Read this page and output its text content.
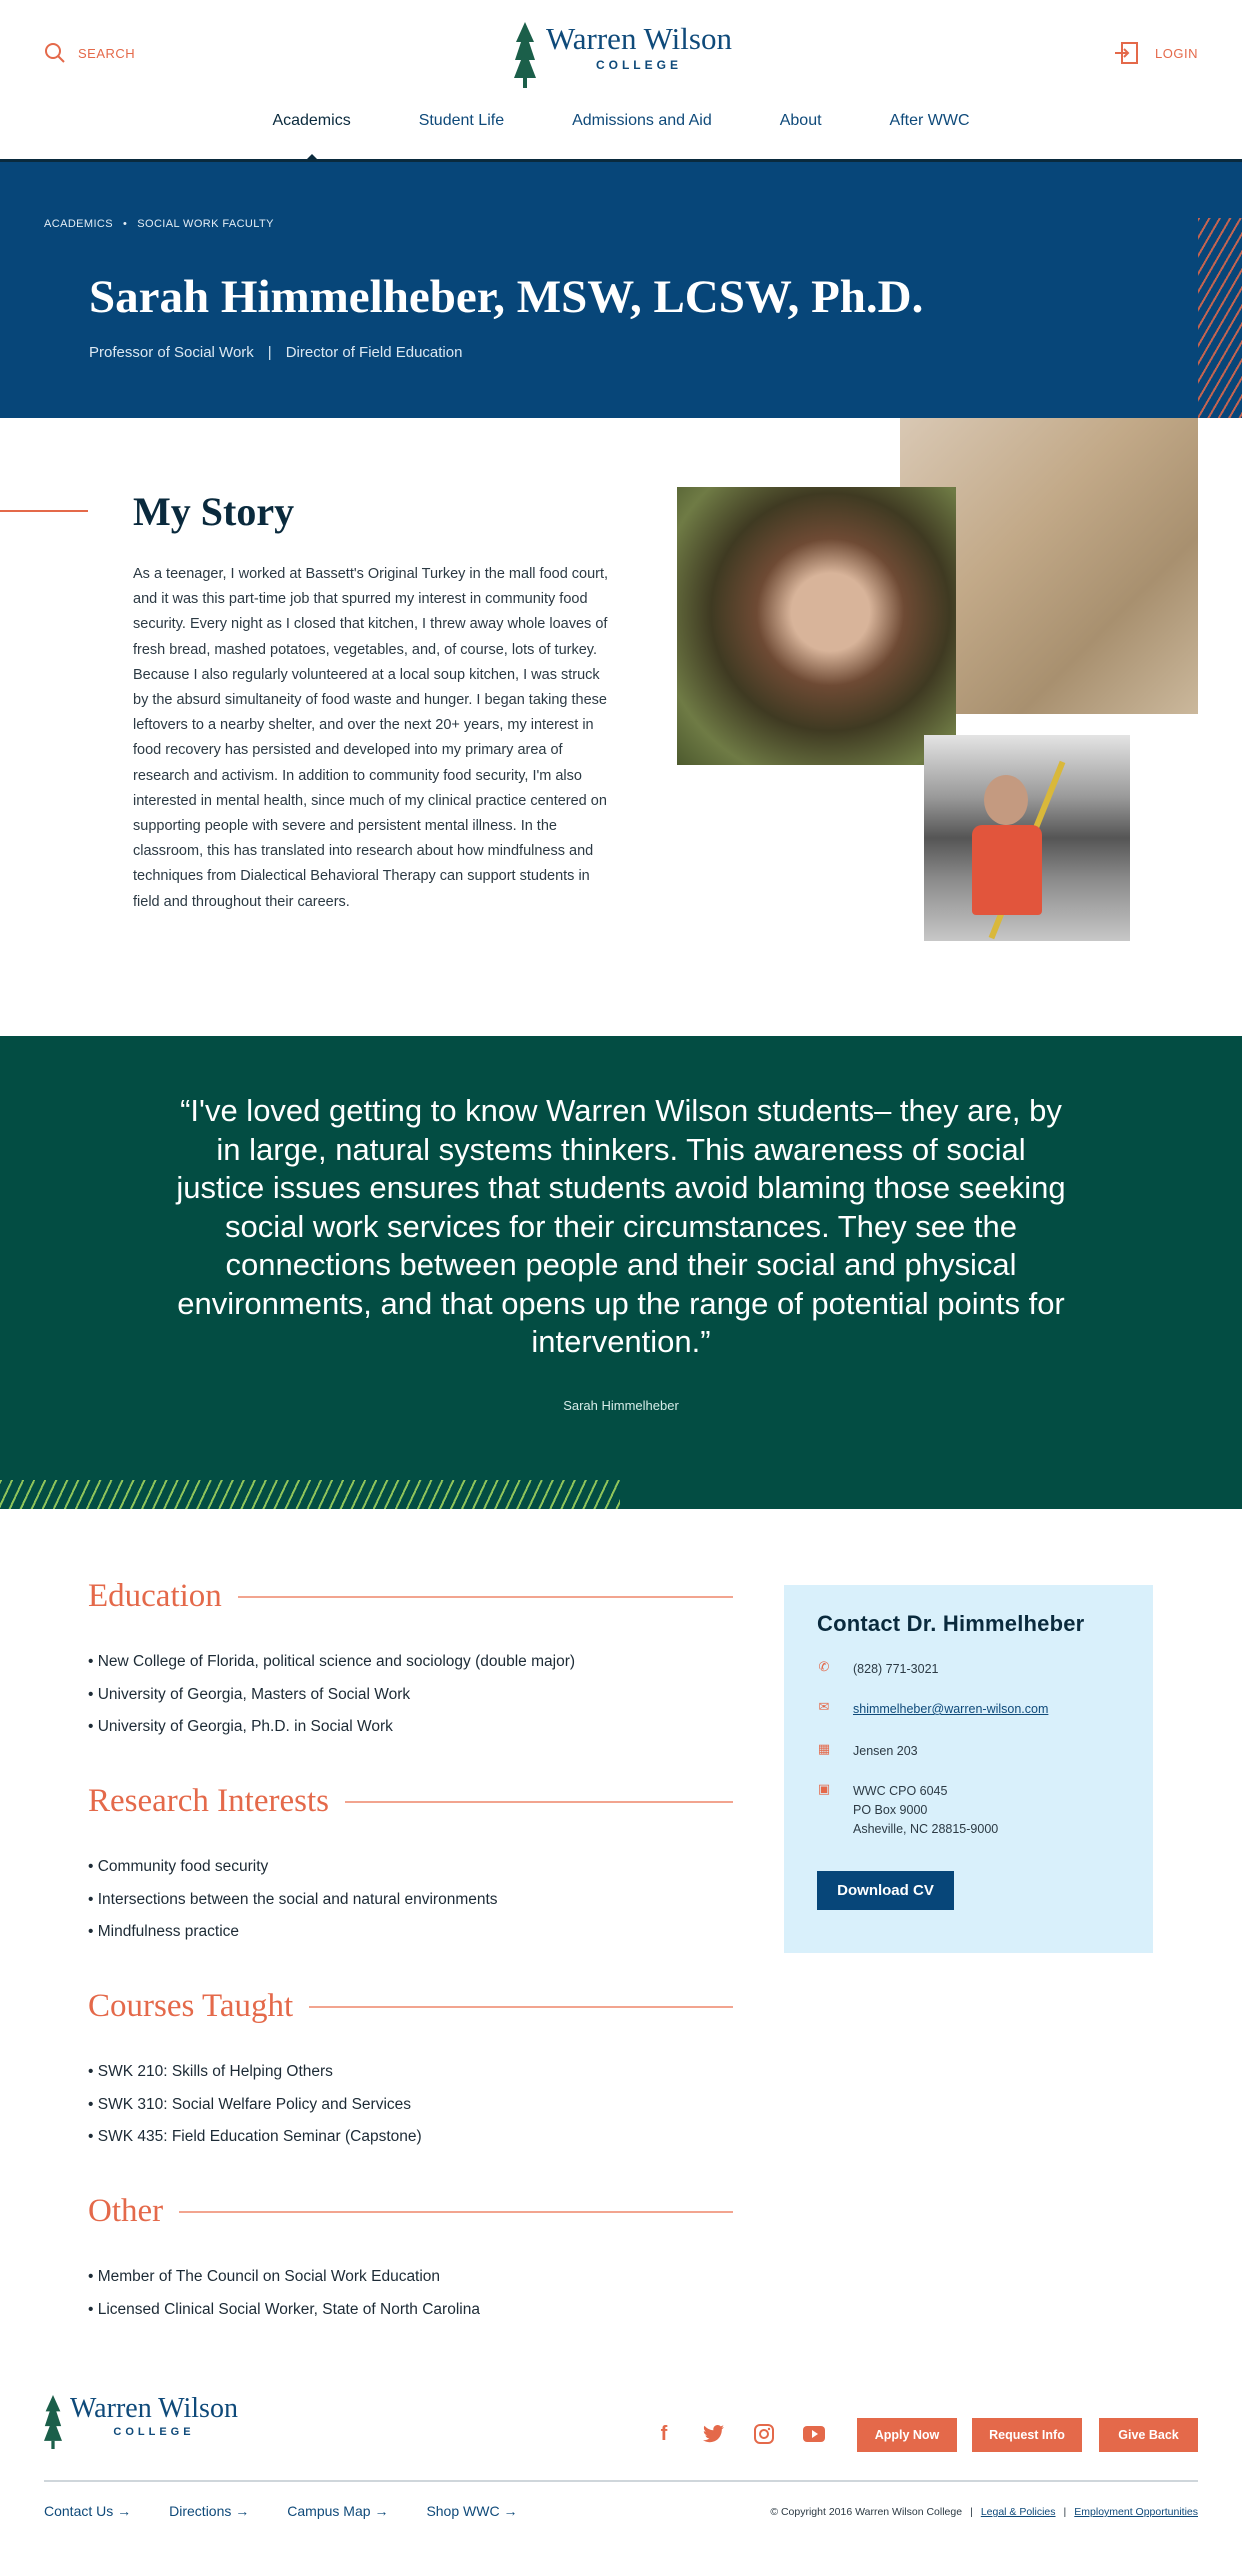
SEARCH	Warren Wilson
COLLEGE
LOGIN
Academics	Student Life	Admissions and Aid	About	After WWC
ACADEMICS • SOCIAL WORK FACULTY
Sarah Himmelheber, MSW, LCSW, Ph.D.
Professor of Social Work | Director of Field Education
My Story

As a teenager, I worked at Bassett's Original Turkey in the mall food court, and it was this part-time job that spurred my interest in community food security. Every night as I closed that kitchen, I threw away whole loaves of fresh bread, mashed potatoes, vegetables, and, of course, lots of turkey. Because I also regularly volunteered at a local soup kitchen, I was struck by the absurd simultaneity of food waste and hunger. I began taking these leftovers to a nearby shelter, and over the next 20+ years, my interest in food recovery has persisted and developed into my primary area of research and activism. In addition to community food security, I'm also interested in mental health, since much of my clinical practice centered on supporting people with severe and persistent mental illness. In the classroom, this has translated into research about how mindfulness and techniques from Dialectical Behavioral Therapy can support students in field and throughout their careers.

“I've loved getting to know Warren Wilson students– they are, by in large, natural systems thinkers. This awareness of social justice issues ensures that students avoid blaming those seeking social work services for their circumstances. They see the connections between people and their social and physical environments, and that opens up the range of potential points for intervention.”

Sarah Himmelheber

Education
• New College of Florida, political science and sociology (double major)
• University of Georgia, Masters of Social Work
• University of Georgia, Ph.D. in Social Work
Research Interests
• Community food security
• Intersections between the social and natural environments
• Mindfulness practice
Courses Taught
• SWK 210: Skills of Helping Others
• SWK 310: Social Welfare Policy and Services
• SWK 435: Field Education Seminar (Capstone)
Other
• Member of The Council on Social Work Education
• Licensed Clinical Social Worker, State of North Carolina
Contact Dr. Himmelheber
✆ (828) 771-3021
✉ shimmelheber@warren-wilson.com
▦ Jensen 203
▣ WWC CPO 6045
PO Box 9000
Asheville, NC 28815-9000
Download CV
Warren Wilson
COLLEGE	f	Apply Now	Request Info	Give Back
Contact Us →	Directions →	Campus Map →	Shop WWC →	© Copyright 2016 Warren Wilson College | Legal & Policies | Employment Opportunities
